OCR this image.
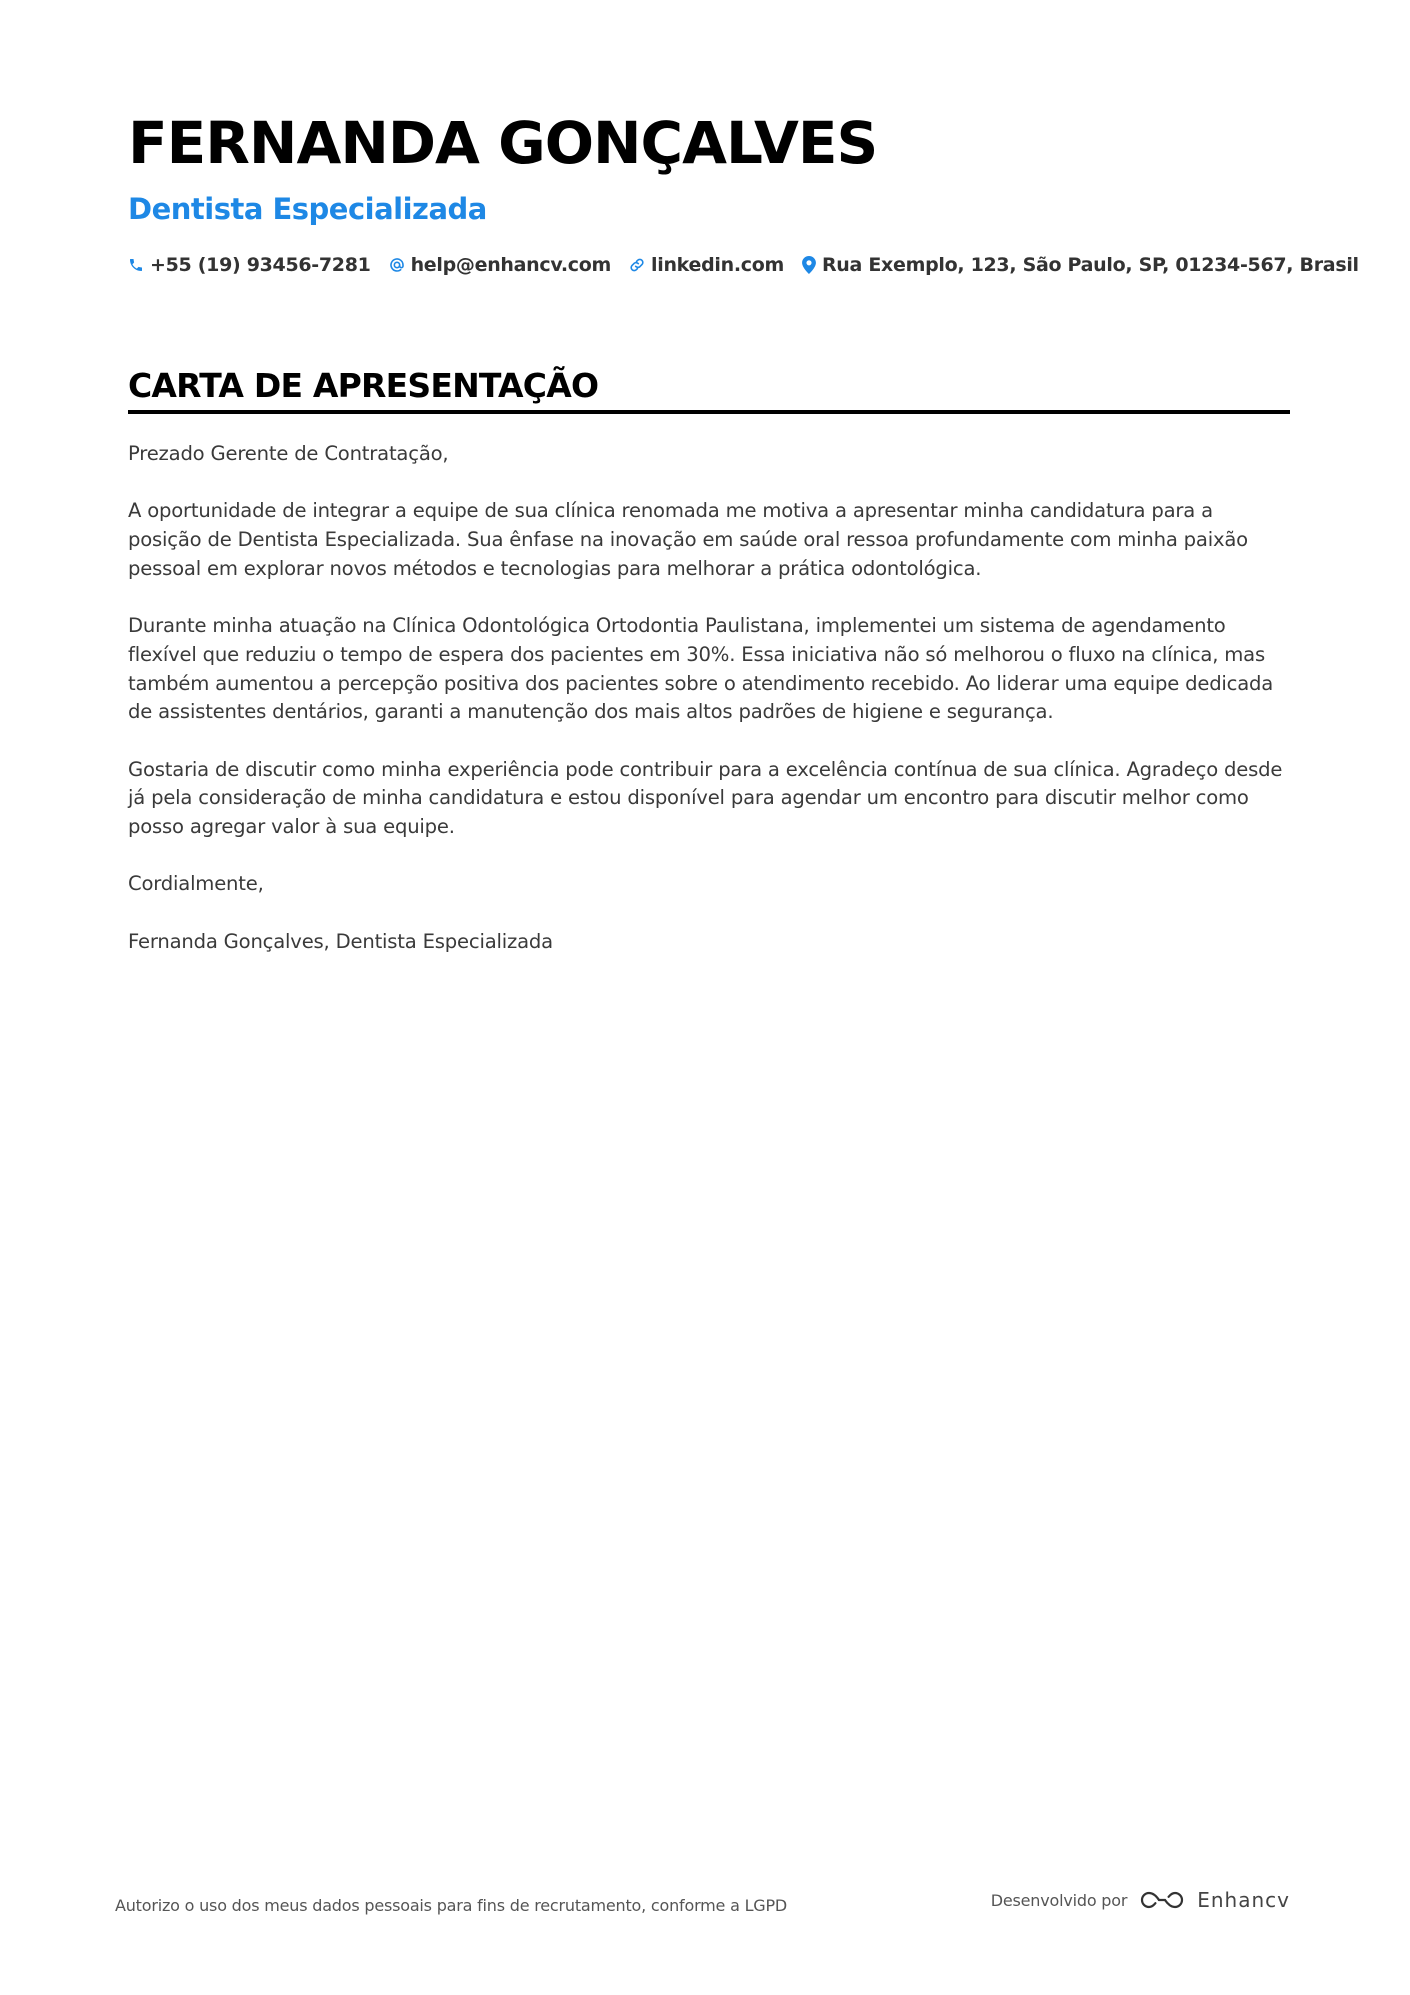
FERNANDA GONÇALVES
Dentista Especializada
+55 (19) 93456-7281 help@enhancv.com linkedin.com Rua Exemplo, 123, São Paulo, SP, 01234-567, Brasil
CARTA DE APRESENTAÇÃO

Prezado Gerente de Contratação,

A oportunidade de integrar a equipe de sua clínica renomada me motiva a apresentar minha candidatura para a posição de Dentista Especializada. Sua ênfase na inovação em saúde oral ressoa profundamente com minha paixão pessoal em explorar novos métodos e tecnologias para melhorar a prática odontológica.

Durante minha atuação na Clínica Odontológica Ortodontia Paulistana, implementei um sistema de agendamento flexível que reduziu o tempo de espera dos pacientes em 30%. Essa iniciativa não só melhorou o fluxo na clínica, mas também aumentou a percepção positiva dos pacientes sobre o atendimento recebido. Ao liderar uma equipe dedicada de assistentes dentários, garanti a manutenção dos mais altos padrões de higiene e segurança.

Gostaria de discutir como minha experiência pode contribuir para a excelência contínua de sua clínica. Agradeço desde já pela consideração de minha candidatura e estou disponível para agendar um encontro para discutir melhor como posso agregar valor à sua equipe.

Cordialmente,

Fernanda Gonçalves, Dentista Especializada

Autorizo o uso dos meus dados pessoais para fins de recrutamento, conforme a LGPD	Desenvolvido por	Enhancv
